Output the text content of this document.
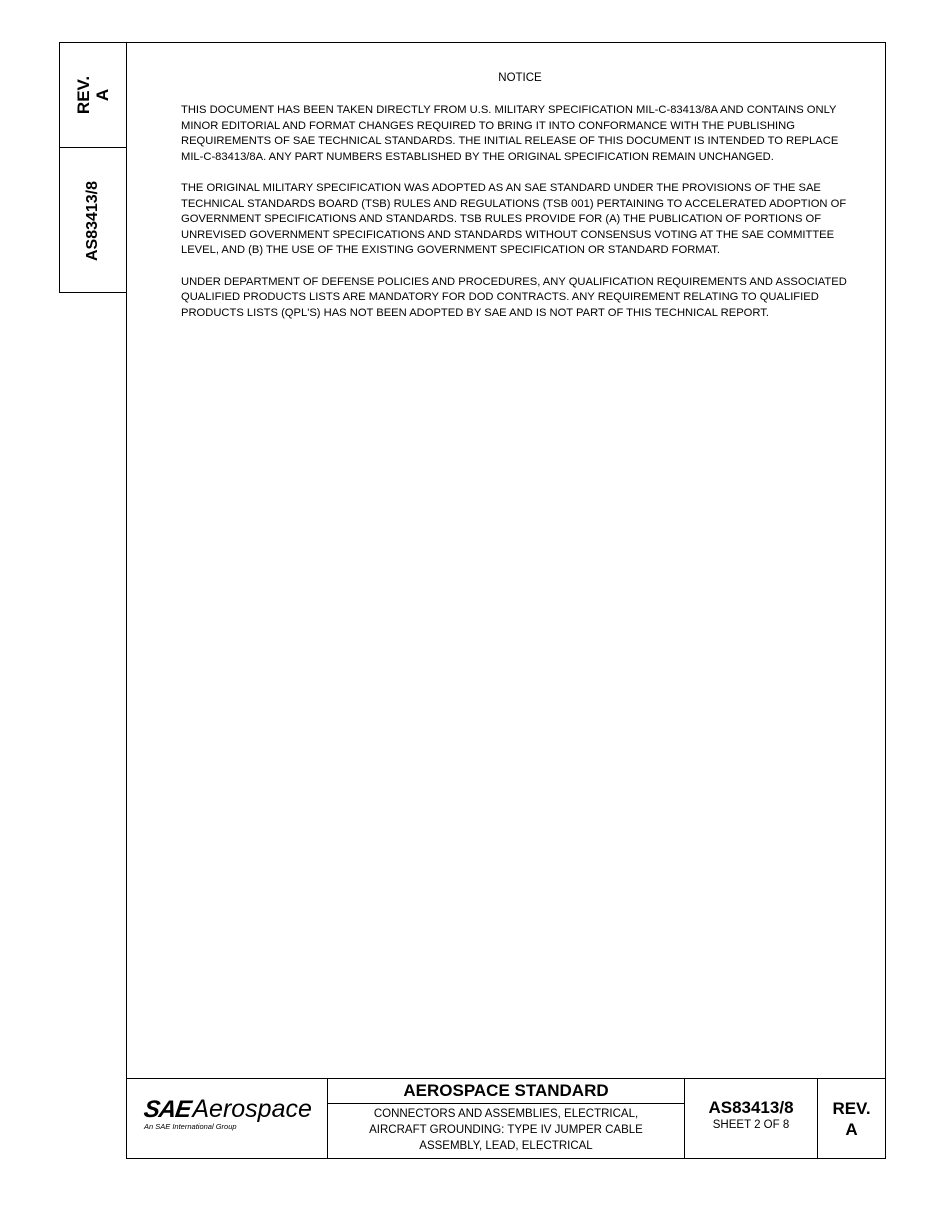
REV. A
AS83413/8
NOTICE

THIS DOCUMENT HAS BEEN TAKEN DIRECTLY FROM U.S. MILITARY SPECIFICATION MIL-C-83413/8A AND CONTAINS ONLY MINOR EDITORIAL AND FORMAT CHANGES REQUIRED TO BRING IT INTO CONFORMANCE WITH THE PUBLISHING REQUIREMENTS OF SAE TECHNICAL STANDARDS. THE INITIAL RELEASE OF THIS DOCUMENT IS INTENDED TO REPLACE MIL-C-83413/8A. ANY PART NUMBERS ESTABLISHED BY THE ORIGINAL SPECIFICATION REMAIN UNCHANGED.

THE ORIGINAL MILITARY SPECIFICATION WAS ADOPTED AS AN SAE STANDARD UNDER THE PROVISIONS OF THE SAE TECHNICAL STANDARDS BOARD (TSB) RULES AND REGULATIONS (TSB 001) PERTAINING TO ACCELERATED ADOPTION OF GOVERNMENT SPECIFICATIONS AND STANDARDS. TSB RULES PROVIDE FOR (A) THE PUBLICATION OF PORTIONS OF UNREVISED GOVERNMENT SPECIFICATIONS AND STANDARDS WITHOUT CONSENSUS VOTING AT THE SAE COMMITTEE LEVEL, AND (B) THE USE OF THE EXISTING GOVERNMENT SPECIFICATION OR STANDARD FORMAT.

UNDER DEPARTMENT OF DEFENSE POLICIES AND PROCEDURES, ANY QUALIFICATION REQUIREMENTS AND ASSOCIATED QUALIFIED PRODUCTS LISTS ARE MANDATORY FOR DOD CONTRACTS. ANY REQUIREMENT RELATING TO QUALIFIED PRODUCTS LISTS (QPL'S) HAS NOT BEEN ADOPTED BY SAE AND IS NOT PART OF THIS TECHNICAL REPORT.

SAEAerospace
An SAE International Group
AEROSPACE STANDARD
CONNECTORS AND ASSEMBLIES, ELECTRICAL,
AIRCRAFT GROUNDING: TYPE IV JUMPER CABLE
ASSEMBLY, LEAD, ELECTRICAL
AS83413/8
SHEET 2 OF 8
REV.
A
